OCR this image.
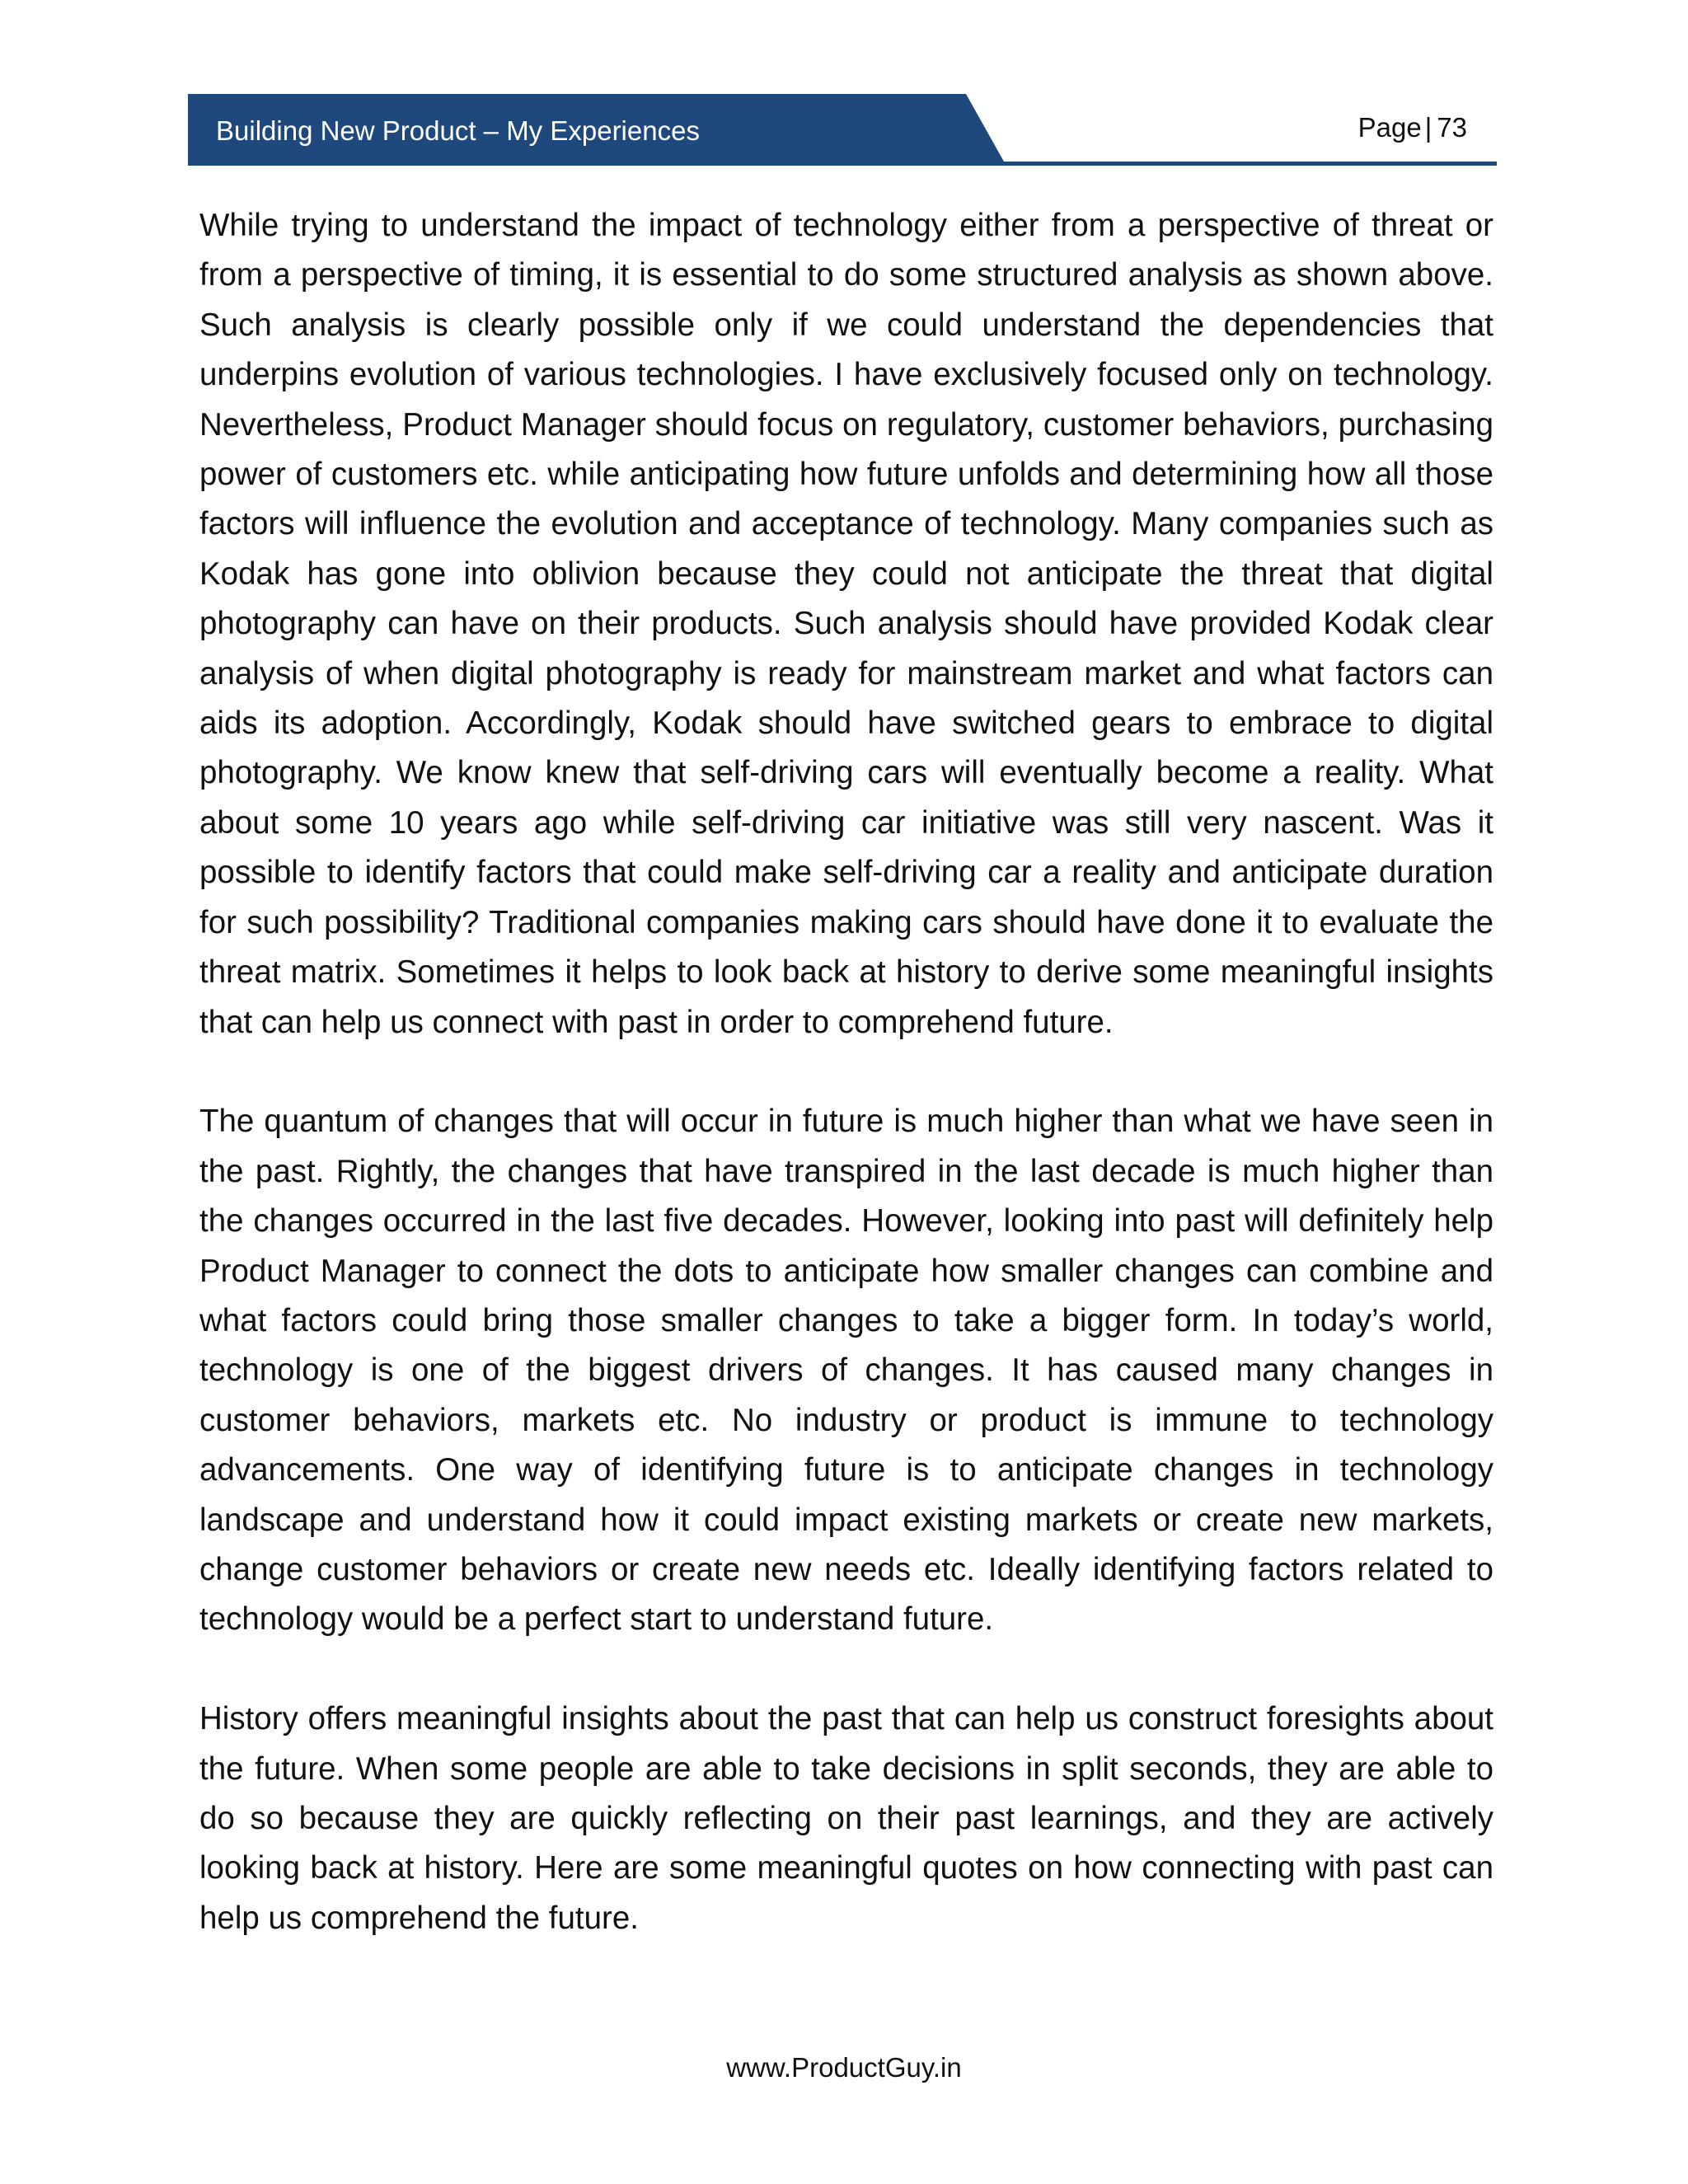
Building New Product – My Experiences	Page | 73

While trying to understand the impact of technology either from a perspective of threat or from a perspective of timing, it is essential to do some structured analysis as shown above. Such analysis is clearly possible only if we could understand the dependencies that underpins evolution of various technologies. I have exclusively focused only on technology. Nevertheless, Product Manager should focus on regulatory, customer behaviors, purchasing power of customers etc. while anticipating how future unfolds and determining how all those factors will influence the evolution and acceptance of technology. Many companies such as Kodak has gone into oblivion because they could not anticipate the threat that digital photography can have on their products. Such analysis should have provided Kodak clear analysis of when digital photography is ready for mainstream market and what factors can aids its adoption. Accordingly, Kodak should have switched gears to embrace to digital photography. We know knew that self-driving cars will eventually become a reality. What about some 10 years ago while self-driving car initiative was still very nascent. Was it possible to identify factors that could make self-driving car a reality and anticipate duration for such possibility? Traditional companies making cars should have done it to evaluate the threat matrix. Sometimes it helps to look back at history to derive some meaningful insights that can help us connect with past in order to comprehend future.

The quantum of changes that will occur in future is much higher than what we have seen in the past. Rightly, the changes that have transpired in the last decade is much higher than the changes occurred in the last five decades. However, looking into past will definitely help Product Manager to connect the dots to anticipate how smaller changes can combine and what factors could bring those smaller changes to take a bigger form. In today’s world, technology is one of the biggest drivers of changes. It has caused many changes in customer behaviors, markets etc. No industry or product is immune to technology advancements. One way of identifying future is to anticipate changes in technology landscape and understand how it could impact existing markets or create new markets, change customer behaviors or create new needs etc. Ideally identifying factors related to technology would be a perfect start to understand future.

History offers meaningful insights about the past that can help us construct foresights about the future. When some people are able to take decisions in split seconds, they are able to do so because they are quickly reflecting on their past learnings, and they are actively looking back at history. Here are some meaningful quotes on how connecting with past can help us comprehend the future.

www.ProductGuy.in
